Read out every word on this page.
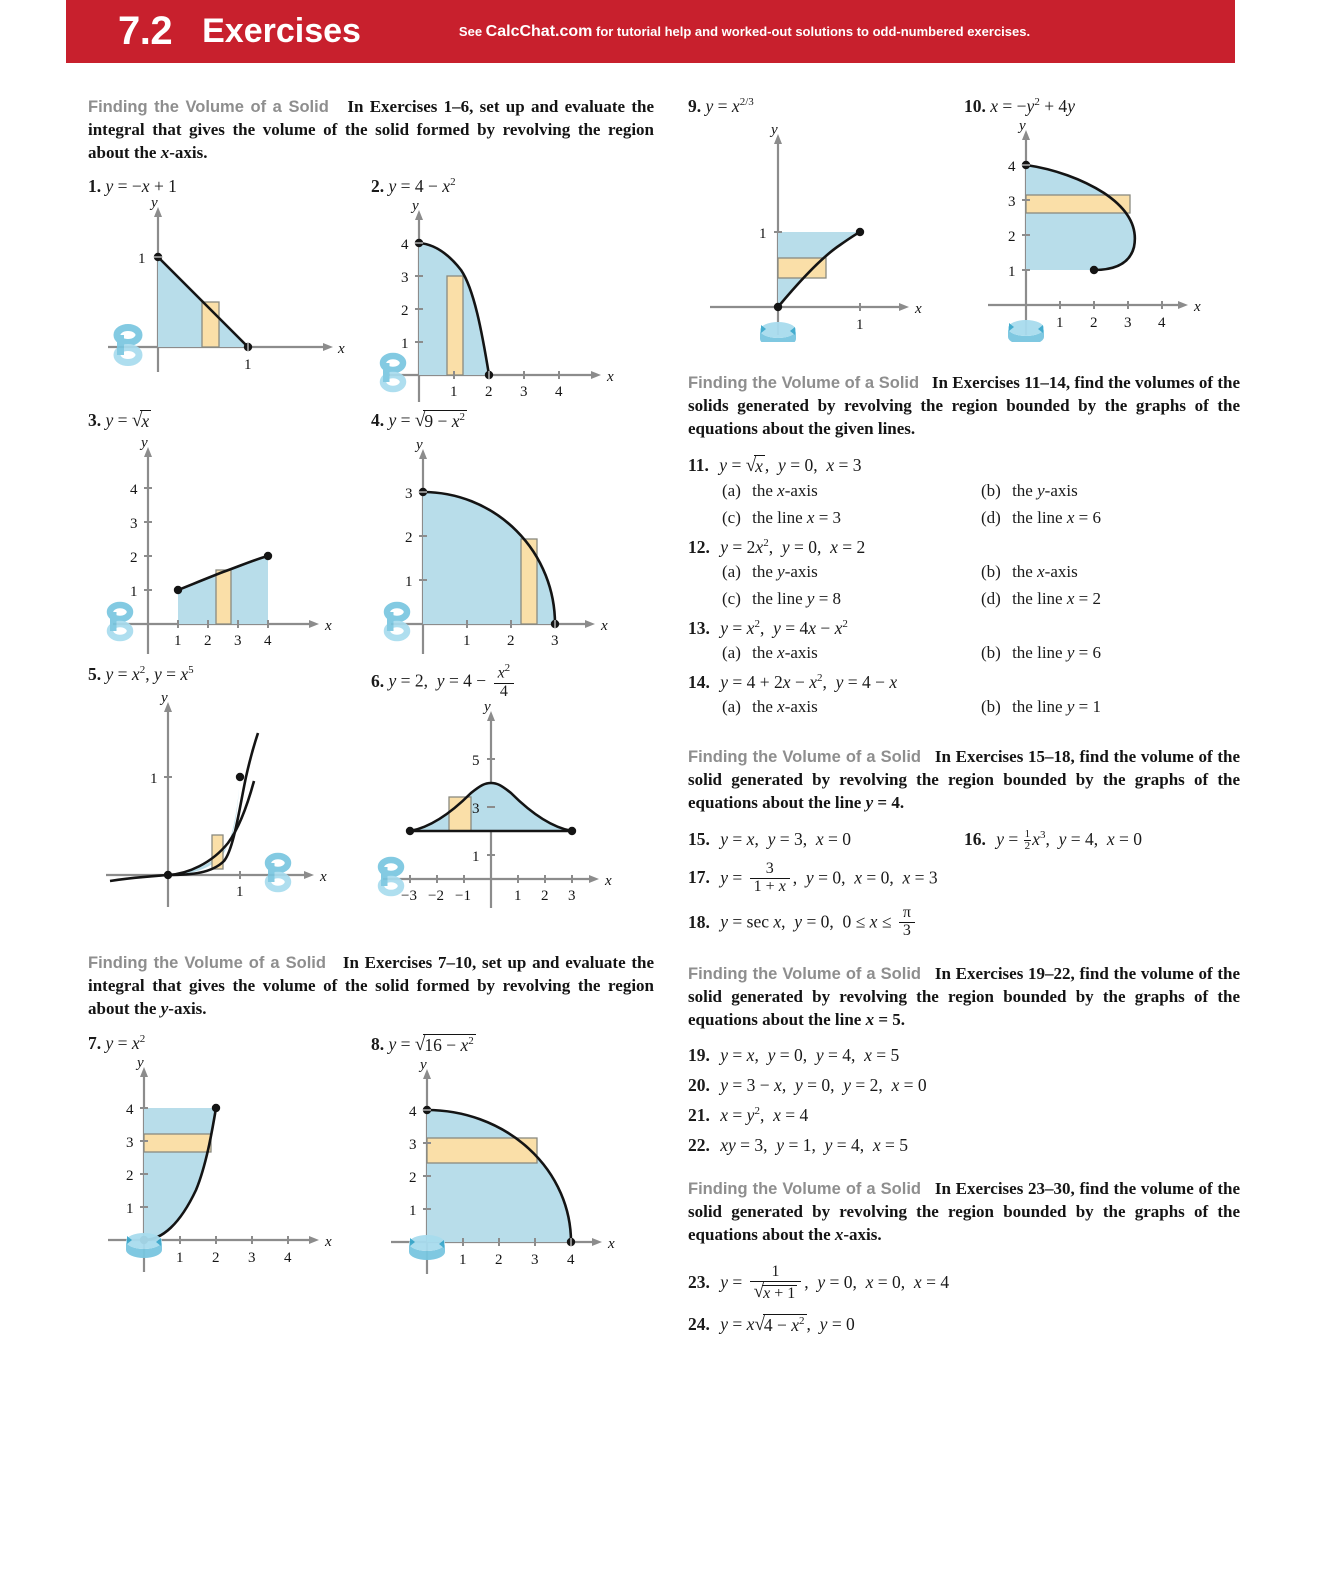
7.2 Exercises	See CalcChat.com for tutorial help and worked-out solutions to odd-numbered exercises.
Finding the Volume of a Solid   In Exercises 1–6, set up and evaluate the integral that gives the volume of the solid formed by revolving the region about the x-axis.
1. y = −x + 1
x
y
1
1
2. $y = 4 - x^2$
x
y
4
3
2
1
1 2 3 4
3. y = √x
x
y
4
3
2
1
1 2 3 4
4. $y = √9 - x^2$
x
y
3
2
1
1 2 3
5. $y = x^2$, $y = x^5$
x
y
1
1
6. y = 2,  $y = 4 - \frac{x^2}{4}$
x
y
1
3
5
−3 −2 −1	1 2 3
Finding the Volume of a Solid   In Exercises 7–10, set up and evaluate the integral that gives the volume of the solid formed by revolving the region about the y-axis.
7. $y = x^2$
x
y
4
3
2
1
1 2 3 4
8. $y = √16 - x^2$
x
y
4
3
2
1
1 2 3 4
9. $y = x^{2/3}$
x
y
1
1
10. $x = -y^2 + 4y$
x
y
4
3
2
1
1 2 3 4
Finding the Volume of a Solid   In Exercises 11–14, find the volumes of the solids generated by revolving the region bounded by the graphs of the equations about the given lines.
11. y = √x ,  y = 0,  x = 3
(a) the x-axis	(b) the y-axis
(c) the line x = 3	(d) the line x = 6
12. $y = 2x^2$,  y = 0,  x = 2
(a) the y-axis	(b) the x-axis
(c) the line y = 8	(d) the line x = 2
13. $y = x^2$,  $y = 4x - x^2$
(a) the x-axis	(b) the line y = 6
14. $y = 4 + 2x - x^2$,  y = 4 − x
(a) the x-axis	(b) the line y = 1
Finding the Volume of a Solid   In Exercises 15–18, find the volume of the solid generated by revolving the region bounded by the graphs of the equations about the line y = 4.
15. y = x,  y = 3,  x = 0	16. $y = \frac{1}{2} x^3$,  y = 4,  x = 0
17. $y = \frac{3}{1 + x}$ ,  y = 0,  x = 0,  x = 3
18. y = sec x,  y = 0,  $0 \le x \le \frac{\pi}{3}$
Finding the Volume of a Solid   In Exercises 19–22, find the volume of the solid generated by revolving the region bounded by the graphs of the equations about the line x = 5.
19. y = x,  y = 0,  y = 4,  x = 5
20. y = 3 − x,  y = 0,  y = 2,  x = 0
21. $x = y^2$,  x = 4
22. xy = 3,  y = 1,  y = 4,  x = 5
Finding the Volume of a Solid   In Exercises 23–30, find the volume of the solid generated by revolving the region bounded by the graphs of the equations about the x-axis.
23. $y = \frac{1}{√x + 1}$ ,  y = 0,  x = 0,  x = 4
24. $y = x√4 - x^2$ ,  y = 0
